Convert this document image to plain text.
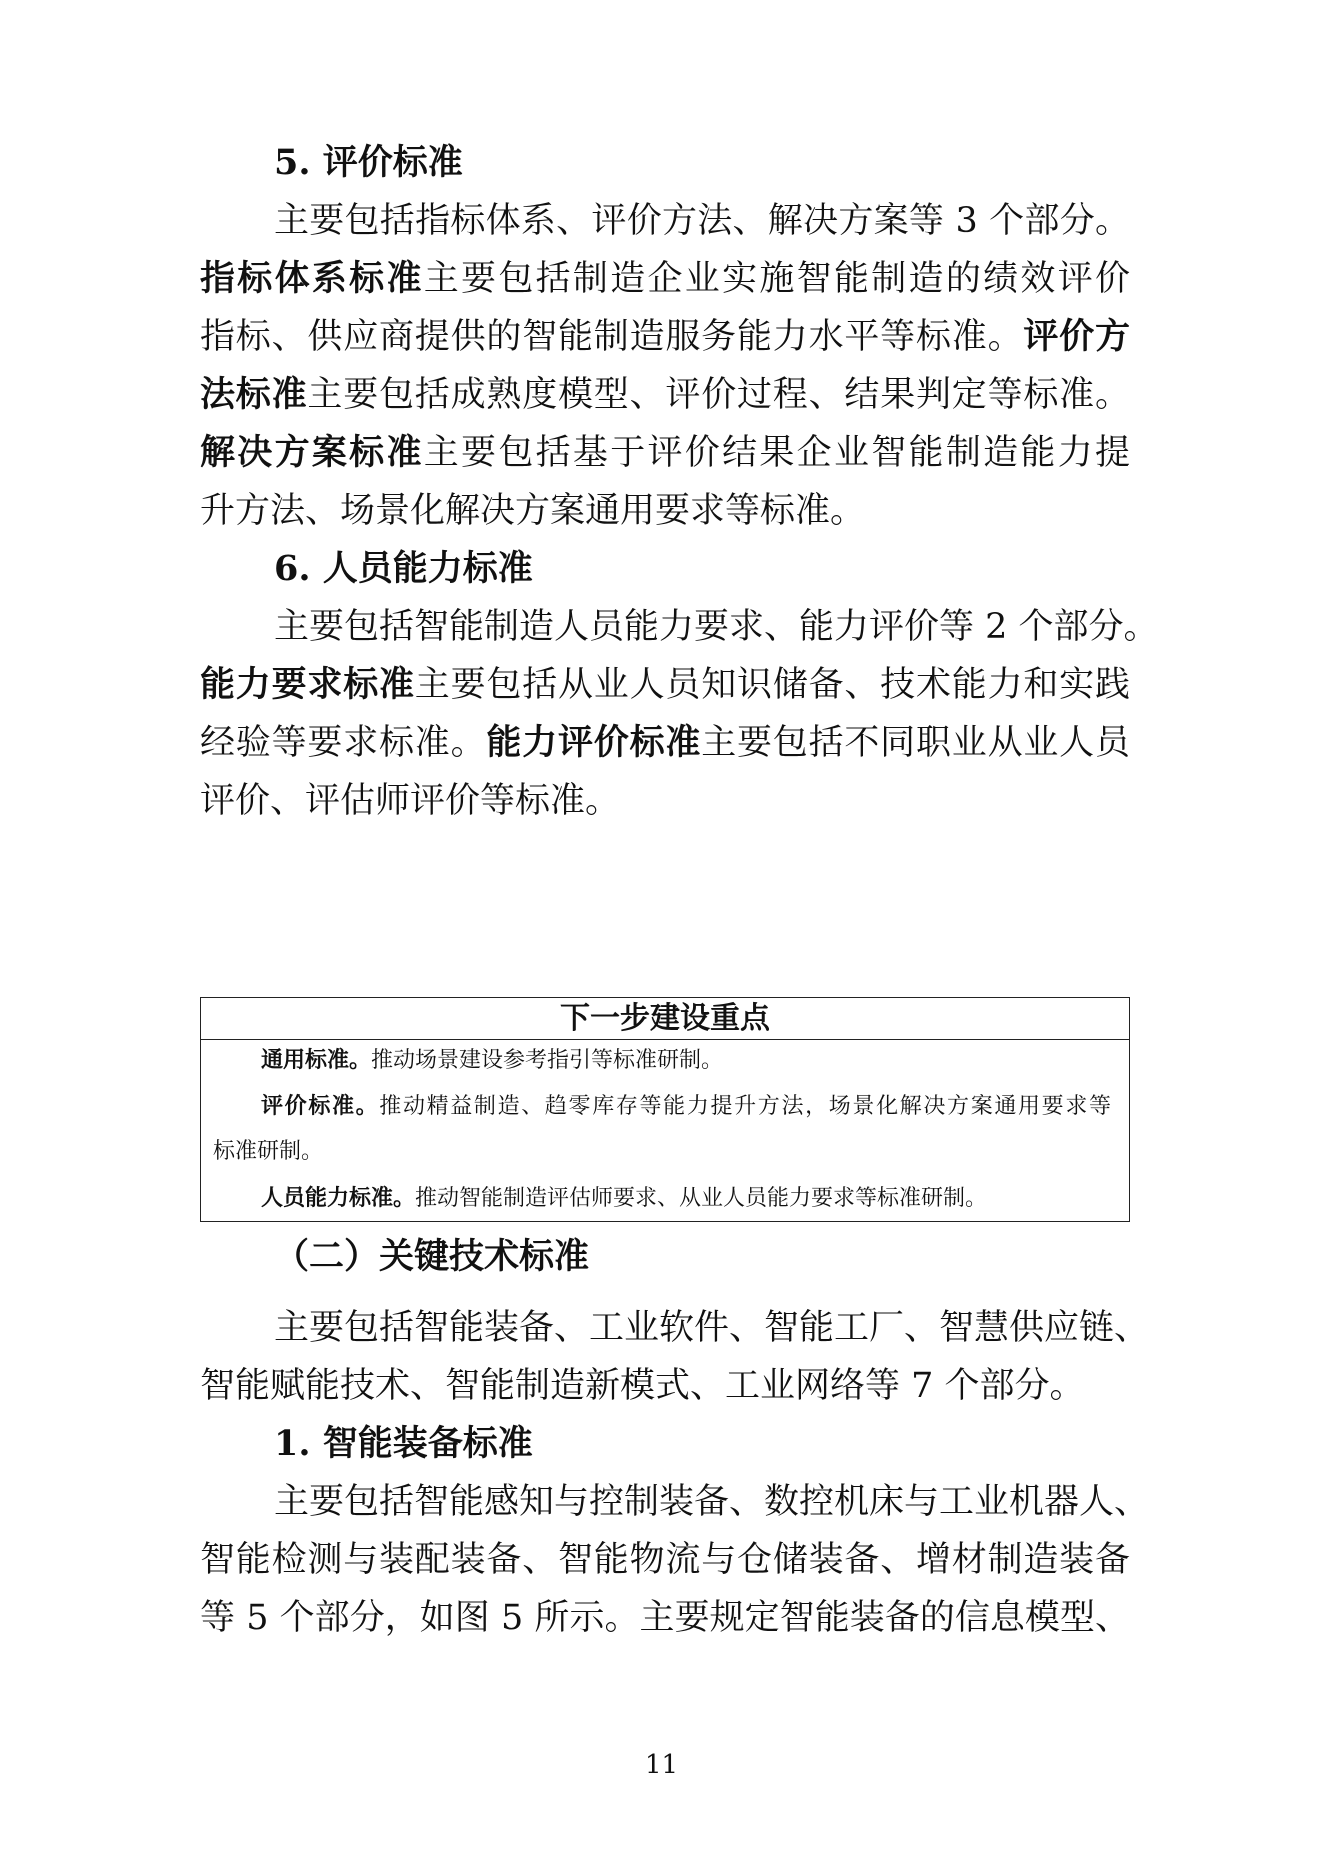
5. 评价标准
主要包括指标体系、评价方法、解决方案等 3 个部分。
指标体系标准主要包括制造企业实施智能制造的绩效评价
指标、供应商提供的智能制造服务能力水平等标准。评价方
法标准主要包括成熟度模型、评价过程、结果判定等标准。
解决方案标准主要包括基于评价结果企业智能制造能力提
升方法、场景化解决方案通用要求等标准。
6. 人员能力标准
主要包括智能制造人员能力要求、能力评价等 2 个部分。
能力要求标准主要包括从业人员知识储备、技术能力和实践
经验等要求标准。能力评价标准主要包括不同职业从业人员
评价、评估师评价等标准。
下一步建设重点
通用标准。推动场景建设参考指引等标准研制。
评价标准。推动精益制造、趋零库存等能力提升方法，场景化解决方案通用要求等
标准研制。
人员能力标准。推动智能制造评估师要求、从业人员能力要求等标准研制。
（二）关键技术标准
主要包括智能装备、工业软件、智能工厂、智慧供应链、
智能赋能技术、智能制造新模式、工业网络等 7 个部分。
1. 智能装备标准
主要包括智能感知与控制装备、数控机床与工业机器人、
智能检测与装配装备、智能物流与仓储装备、增材制造装备
等 5 个部分，如图 5 所示。主要规定智能装备的信息模型、
11
